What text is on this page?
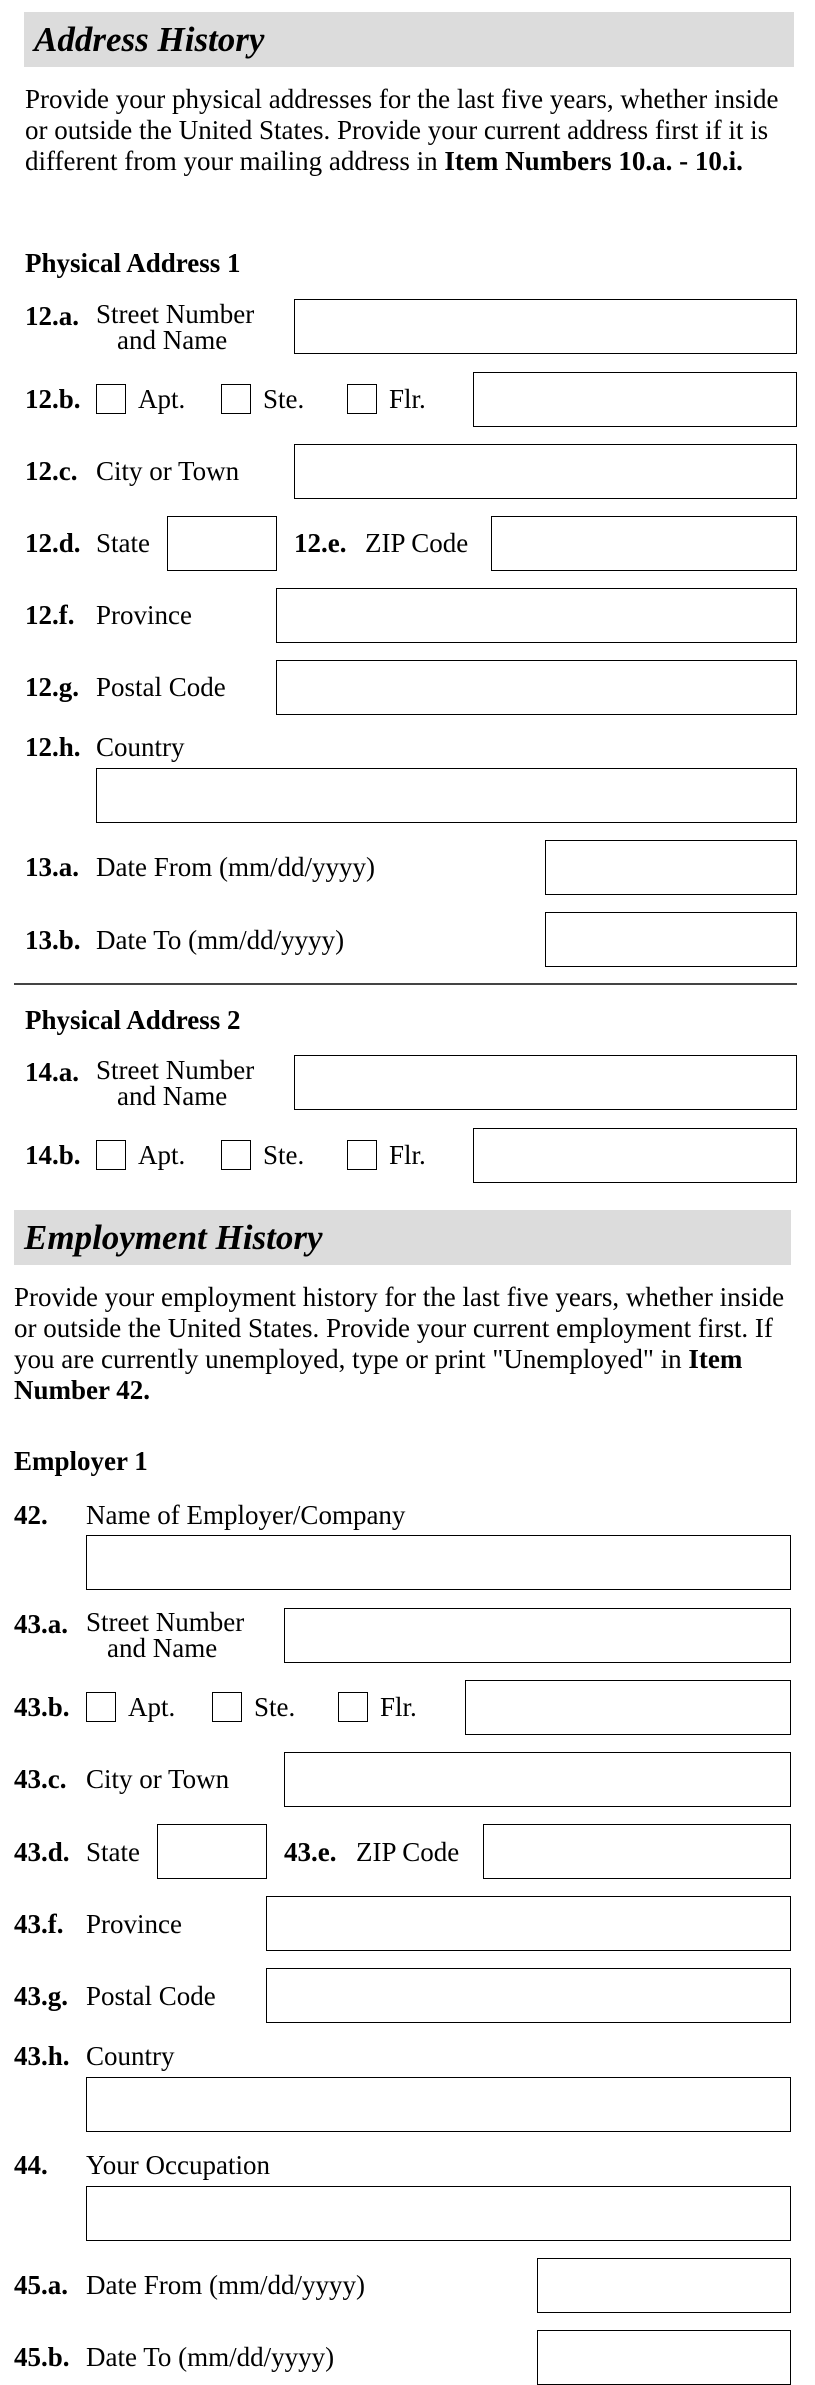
Address History
Provide your physical addresses for the last five years, whether inside or outside the United States. Provide your current address first if it is different from your mailing address in Item Numbers 10.a. - 10.i.
Physical Address 1
12.a. Street Number
and Name
12.b. Apt.	Ste.	Flr.
12.c. City or Town
12.d. State	12.e. ZIP Code
12.f. Province
12.g. Postal Code
12.h. Country
13.a. Date From (mm/dd/yyyy)
13.b. Date To (mm/dd/yyyy)
Physical Address 2
14.a. Street Number
and Name
14.b. Apt.	Ste.	Flr.
Employment History
Provide your employment history for the last five years, whether inside or outside the United States. Provide your current employment first. If you are currently unemployed, type or print "Unemployed" in Item Number 42.
Employer 1
42. Name of Employer/Company
43.a. Street Number
and Name
43.b. Apt.	Ste.	Flr.
43.c. City or Town
43.d. State	43.e. ZIP Code
43.f. Province
43.g. Postal Code
43.h. Country
44. Your Occupation
45.a. Date From (mm/dd/yyyy)
45.b. Date To (mm/dd/yyyy)
